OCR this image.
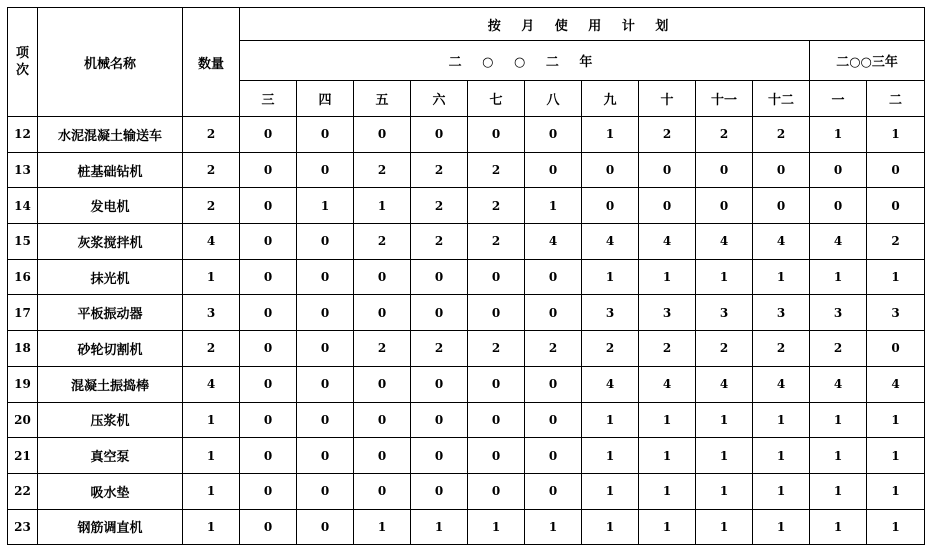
项次	机械名称	数量	按 月 使 用 计 划											
			二 ○ ○ 二 年										二○○三年	
			三	四	五	六	七	八	九	十	十一	十二	一	二
12	水泥混凝土输送车	2	0	0	0	0	0	0	1	2	2	2	1	1
13	桩基础钻机	2	0	0	2	2	2	0	0	0	0	0	0	0
14	发电机	2	0	1	1	2	2	1	0	0	0	0	0	0
15	灰浆搅拌机	4	0	0	2	2	2	4	4	4	4	4	4	2
16	抹光机	1	0	0	0	0	0	0	1	1	1	1	1	1
17	平板振动器	3	0	0	0	0	0	0	3	3	3	3	3	3
18	砂轮切割机	2	0	0	2	2	2	2	2	2	2	2	2	0
19	混凝土振捣棒	4	0	0	0	0	0	0	4	4	4	4	4	4
20	压浆机	1	0	0	0	0	0	0	1	1	1	1	1	1
21	真空泵	1	0	0	0	0	0	0	1	1	1	1	1	1
22	吸水垫	1	0	0	0	0	0	0	1	1	1	1	1	1
23	钢筋调直机	1	0	0	1	1	1	1	1	1	1	1	1	1
